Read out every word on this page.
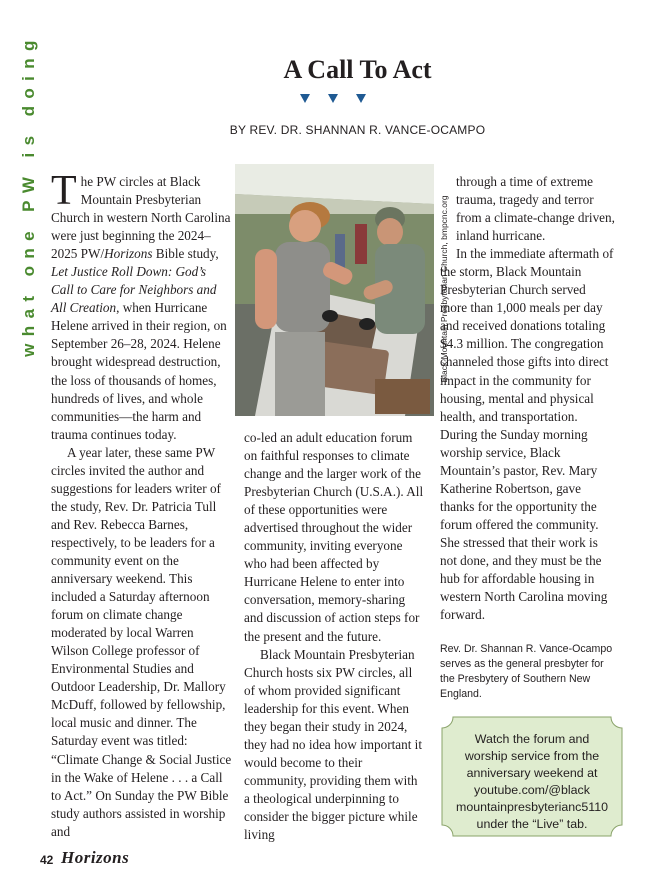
what one PW is doing	A Call To Act
BY REV. DR. SHANNAN R. VANCE-OCAMPO

The PW circles at Black Mountain Presbyterian Church in western North Carolina were just beginning the 2024–2025 PW/Horizons Bible study, Let Justice Roll Down: God’s Call to Care for Neighbors and All Creation, when Hurricane Helene arrived in their region, on September 26–28, 2024. Helene brought widespread destruction, the loss of thousands of homes, hundreds of lives, and whole communities—the harm and trauma continues today.

A year later, these same PW circles invited the author and suggestions for leaders writer of the study, Rev. Dr. Patricia Tull and Rev. Rebecca Barnes, respectively, to be leaders for a community event on the anniversary weekend. This included a Saturday afternoon forum on climate change moderated by local Warren Wilson College professor of Environmental Studies and Outdoor Leadership, Dr. Mallory McDuff, followed by fellowship, local music and dinner. The Saturday event was titled: “Climate Change & Social Justice in the Wake of Helene . . . a Call to Act.” On Sunday the PW Bible study authors assisted in worship and

Black Mountain Presbyterian Church, bmpcnc.org

co-led an adult education forum on faithful responses to climate change and the larger work of the Presbyterian Church (U.S.A.). All of these opportunities were advertised throughout the wider community, inviting everyone who had been affected by Hurricane Helene to enter into conversation, memory-sharing and discussion of action steps for the present and the future.

Black Mountain Presbyterian Church hosts six PW circles, all of whom provided significant leadership for this event. When they began their study in 2024, they had no idea how important it would become to their community, providing them with a theological underpinning to consider the bigger picture while living

through a time of extreme trauma, tragedy and terror from a climate-change driven, inland hurricane.

In the immediate aftermath of the storm, Black Mountain Presbyterian Church served more than 1,000 meals per day and received donations totaling $4.3 million. The congregation channeled those gifts into direct impact in the community for housing, mental and physical health, and transportation. During the Sunday morning worship service, Black Mountain’s pastor, Rev. Mary Katherine Robertson, gave thanks for the opportunity the forum offered the community. She stressed that their work is not done, and they must be the hub for affordable housing in western North Carolina moving forward.

Rev. Dr. Shannan R. Vance-Ocampo serves as the general presbyter for the Presbytery of Southern New England.
Watch the forum and
worship service from the
anniversary weekend at
youtube.com/@black
mountainpresbyterianc5110
under the “Live” tab.
42 Horizons
